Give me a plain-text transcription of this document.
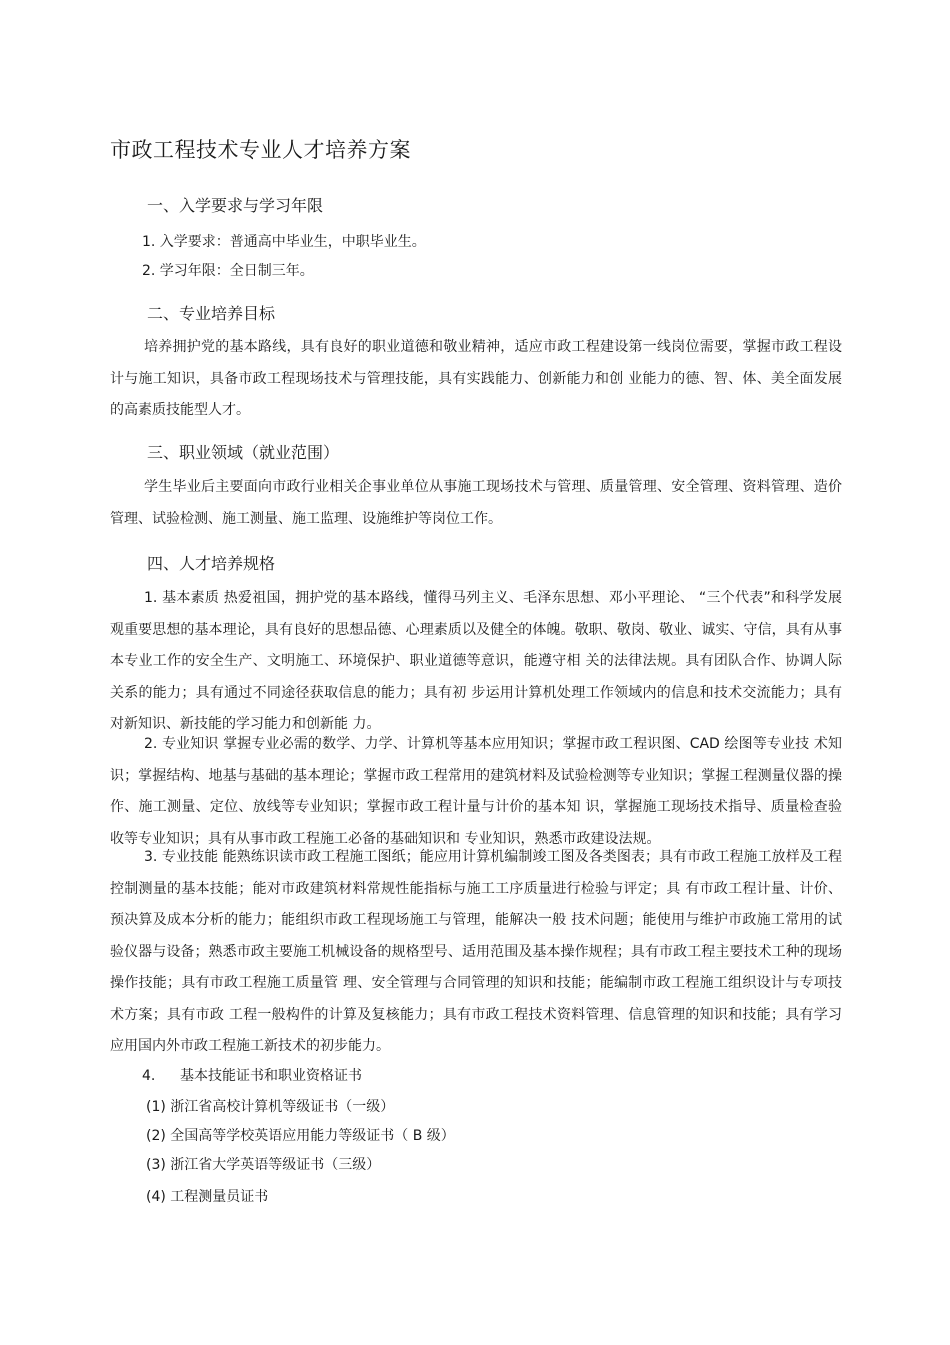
市政工程技术专业人才培养方案
一、入学要求与学习年限
1. 入学要求：普通高中毕业生，中职毕业生。
2. 学习年限：全日制三年。
二、专业培养目标
培养拥护党的基本路线，具有良好的职业道德和敬业精神，适应市政工程建设第一线岗位需要，掌握市政工程设计与施工知识，具备市政工程现场技术与管理技能，具有实践能力、创新能力和创 业能力的德、智、体、美全面发展的高素质技能型人才。
三、职业领域（就业范围）
学生毕业后主要面向市政行业相关企事业单位从事施工现场技术与管理、质量管理、安全管理、资料管理、造价管理、试验检测、施工测量、施工监理、设施维护等岗位工作。
四、人才培养规格
1. 基本素质 热爱祖国，拥护党的基本路线，懂得马列主义、毛泽东思想、邓小平理论、 “三个代表”和科学发展观重要思想的基本理论，具有良好的思想品德、心理素质以及健全的体魄。敬职、敬岗、敬业、诚实、守信，具有从事本专业工作的安全生产、文明施工、环境保护、职业道德等意识，能遵守相 关的法律法规。具有团队合作、协调人际关系的能力；具有通过不同途径获取信息的能力；具有初 步运用计算机处理工作领域内的信息和技术交流能力；具有对新知识、新技能的学习能力和创新能 力。
2. 专业知识 掌握专业必需的数学、力学、计算机等基本应用知识；掌握市政工程识图、CAD 绘图等专业技 术知识；掌握结构、地基与基础的基本理论；掌握市政工程常用的建筑材料及试验检测等专业知识；掌握工程测量仪器的操作、施工测量、定位、放线等专业知识；掌握市政工程计量与计价的基本知 识，掌握施工现场技术指导、质量检查验收等专业知识；具有从事市政工程施工必备的基础知识和 专业知识，熟悉市政建设法规。
3. 专业技能 能熟练识读市政工程施工图纸；能应用计算机编制竣工图及各类图表；具有市政工程施工放样及工程控制测量的基本技能；能对市政建筑材料常规性能指标与施工工序质量进行检验与评定；具 有市政工程计量、计价、预决算及成本分析的能力；能组织市政工程现场施工与管理，能解决一般 技术问题；能使用与维护市政施工常用的试验仪器与设备；熟悉市政主要施工机械设备的规格型号、适用范围及基本操作规程；具有市政工程主要技术工种的现场操作技能；具有市政工程施工质量管 理、安全管理与合同管理的知识和技能；能编制市政工程施工组织设计与专项技术方案；具有市政 工程一般构件的计算及复核能力；具有市政工程技术资料管理、信息管理的知识和技能；具有学习 应用国内外市政工程施工新技术的初步能力。
4. 基本技能证书和职业资格证书
(1) 浙江省高校计算机等级证书（一级）
(2) 全国高等学校英语应用能力等级证书（ B 级）
(3) 浙江省大学英语等级证书（三级）
(4) 工程测量员证书
